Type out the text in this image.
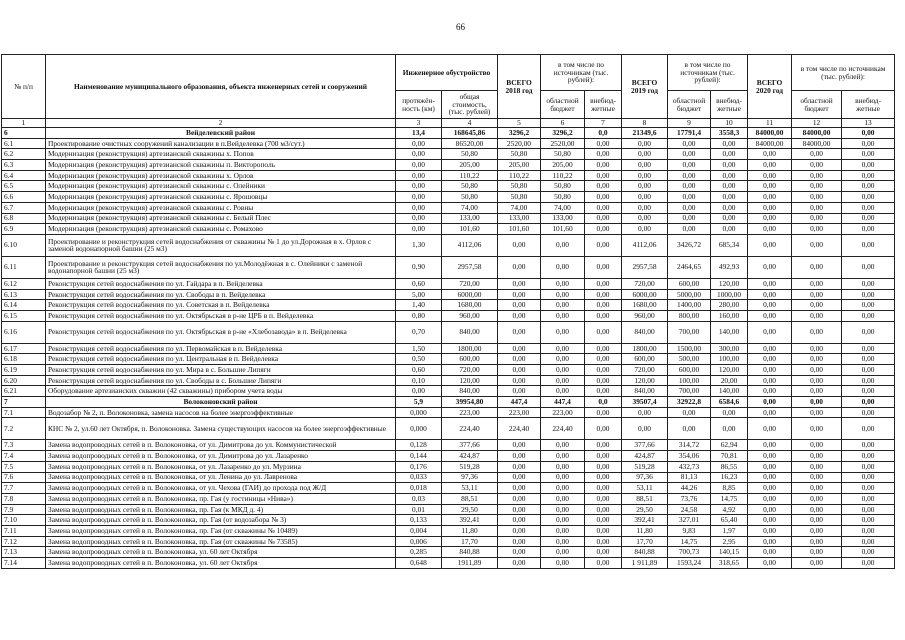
66
№ п/п	Наименование муниципального образования, объекта инженерных сетей и сооружений	Инженерное обустройство		ВСЕГО 2018 год	в том числе по источникам (тыс. рублей):		ВСЕГО 2019 год	в том числе по источникам (тыс. рублей):		ВСЕГО 2020 год	в том числе по источникам (тыс. рублей):	
		протяжён-ность (км)	общая стоимость, (тыс. рублей)		областной бюджет	внебюд-жетные		областной бюджет	внебюд-жетные		областной бюджет	внебюд-жетные
1	2	3	4	5	6	7	8	9	10	11	12	13
6	Вейделевский район	13,4	168645,86	3296,2	3296,2	0,0	21349,6	17791,4	3558,3	84000,00	84000,00	0,00
6.1	Проектирование очистных сооружений канализации в п.Вейделевка (700 м3/сут.)	0,00	86520,00	2520,00	2520,00	0,00	0,00	0,00	0,00	84000,00	84000,00	0,00
6.2	Модернизация (реконструкция) артезианской скважины х. Попов	0,00	50,80	50,80	50,80	0,00	0,00	0,00	0,00	0,00	0,00	0,00
6.3	Модернизация (реконструкция) артезианской скважины п. Викторополь	0,00	205,00	205,00	205,00	0,00	0,00	0,00	0,00	0,00	0,00	0,00
6.4	Модернизация (реконструкция) артезианской скважины х. Орлов	0,00	110,22	110,22	110,22	0,00	0,00	0,00	0,00	0,00	0,00	0,00
6.5	Модернизация (реконструкция) артезианской скважины с. Олейники	0,00	50,80	50,80	50,80	0,00	0,00	0,00	0,00	0,00	0,00	0,00
6.6	Модернизация (реконструкция) артезианской скважины с. Ярошовцы	0,00	50,80	50,80	50,80	0,00	0,00	0,00	0,00	0,00	0,00	0,00
6.7	Модернизация (реконструкция) артезианской скважины с. Ровны	0,00	74,00	74,00	74,00	0,00	0,00	0,00	0,00	0,00	0,00	0,00
6.8	Модернизация (реконструкция) артезианской скважины с. Белый Плес	0,00	133,00	133,00	133,00	0,00	0,00	0,00	0,00	0,00	0,00	0,00
6.9	Модернизация (реконструкция) артезианской скважины с. Ромахово	0,00	101,60	101,60	101,60	0,00	0,00	0,00	0,00	0,00	0,00	0,00
6.10	Проектирование и реконструкция сетей водоснабжения от скважины № 1 до ул.Дорожная в х. Орлов с заменой водонапорной башни (25 м3)	1,30	4112,06	0,00	0,00	0,00	4112,06	3426,72	685,34	0,00	0,00	0,00
6.11	Проектирование и реконструкция сетей водоснабжения по ул.Молодёжная в с. Олейники с заменой водонапорной башни (25 м3)	0,90	2957,58	0,00	0,00	0,00	2957,58	2464,65	492,93	0,00	0,00	0,00
6.12	Реконструкция сетей водоснабжения по ул. Гайдара в п. Вейделевка	0,60	720,00	0,00	0,00	0,00	720,00	600,00	120,00	0,00	0,00	0,00
6.13	Реконструкция сетей водоснабжения по ул. Свободы в п. Вейделевка	5,00	6000,00	0,00	0,00	0,00	6000,00	5000,00	1000,00	0,00	0,00	0,00
6.14	Реконструкция сетей водоснабжения по ул. Советская в п. Вейделевка	1,40	1680,00	0,00	0,00	0,00	1680,00	1400,00	280,00	0,00	0,00	0,00
6.15	Реконструкция сетей водоснабжения по ул. Октябрьская в р-не ЦРБ в п. Вейделевка	0,80	960,00	0,00	0,00	0,00	960,00	800,00	160,00	0,00	0,00	0,00
6.16	Реконструкция сетей водоснабжения по ул. Октябрьская в р-не «Хлебозавода» в п. Вейделевка	0,70	840,00	0,00	0,00	0,00	840,00	700,00	140,00	0,00	0,00	0,00
6.17	Реконструкция сетей водоснабжения по ул. Первомайская в п. Вейделевка	1,50	1800,00	0,00	0,00	0,00	1800,00	1500,00	300,00	0,00	0,00	0,00
6.18	Реконструкция сетей водоснабжения по ул. Центральная в п. Вейделевка	0,50	600,00	0,00	0,00	0,00	600,00	500,00	100,00	0,00	0,00	0,00
6.19	Реконструкция сетей водоснабжения по ул. Мира в с. Большие Липяги	0,60	720,00	0,00	0,00	0,00	720,00	600,00	120,00	0,00	0,00	0,00
6.20	Реконструкция сетей водоснабжения по ул. Свободы в с. Большие Липяги	0,10	120,00	0,00	0,00	0,00	120,00	100,00	20,00	0,00	0,00	0,00
6.21	Оборудование артезианских скважин (42 скважины) прибором учета воды	0,00	840,00	0,00	0,00	0,00	840,00	700,00	140,00	0,00	0,00	0,00
7	Волоконовский район	5,9	39954,80	447,4	447,4	0,0	39507,4	32922,8	6584,6	0,00	0,00	0,00
7.1	Водозабор № 2, п. Волоконовка, замена насосов на более энергоэффективные	0,000	223,00	223,00	223,00	0,00	0,00	0,00	0,00	0,00	0,00	0,00
7.2	КНС № 2, ул.60 лет Октября, п. Волоконовка. Замена существующих насосов на более энергоэффективные	0,000	224,40	224,40	224,40	0,00	0,00	0,00	0,00	0,00	0,00	0,00
7.3	Замена водопроводных сетей в п. Волоконовка, от ул. Димитрова до ул. Коммунистической	0,128	377,66	0,00	0,00	0,00	377,66	314,72	62,94	0,00	0,00	0,00
7.4	Замена водопроводных сетей в п. Волоконовка, от ул. Димитрова до ул. Лазаренко	0,144	424,87	0,00	0,00	0,00	424,87	354,06	70,81	0,00	0,00	0,00
7.5	Замена водопроводных сетей в п. Волоконовка, от ул. Лазаренко до ул. Мурзина	0,176	519,28	0,00	0,00	0,00	519,28	432,73	86,55	0,00	0,00	0,00
7.6	Замена водопроводных сетей в п. Волоконовка, от ул. Ленина до ул. Лавренова	0,033	97,36	0,00	0,00	0,00	97,36	81,13	16,23	0,00	0,00	0,00
7.7	Замена водопроводных сетей в п. Волоконовка, от ул. Чехова (ГАИ) до прохода под Ж/Д	0,018	53,11	0,00	0,00	0,00	53,11	44,26	8,85	0,00	0,00	0,00
7.8	Замена водопроводных сетей в п. Волоконовка, пр. Гая (у гостиницы «Нива»)	0,03	88,51	0,00	0,00	0,00	88,51	73,76	14,75	0,00	0,00	0,00
7.9	Замена водопроводных сетей в п. Волоконовка, пр. Гая (к МКД д. 4)	0,01	29,50	0,00	0,00	0,00	29,50	24,58	4,92	0,00	0,00	0,00
7.10	Замена водопроводных сетей в п. Волоконовка, пр. Гая (от водозабора № 3)	0,133	392,41	0,00	0,00	0,00	392,41	327,01	65,40	0,00	0,00	0,00
7.11	Замена водопроводных сетей в п. Волоконовка, пр. Гая (от скважины № 10489)	0,004	11,80	0,00	0,00	0,00	11,80	9,83	1,97	0,00	0,00	0,00
7.12	Замена водопроводных сетей в п. Волоконовка, пр. Гая (от скважины № 73585)	0,006	17,70	0,00	0,00	0,00	17,70	14,75	2,95	0,00	0,00	0,00
7.13	Замена водопроводных сетей в п. Волоконовка, ул. 60 лет Октября	0,285	840,88	0,00	0,00	0,00	840,88	700,73	140,15	0,00	0,00	0,00
7.14	Замена водопроводных сетей в п. Волоконовка, ул. 60 лет Октября	0,648	1911,89	0,00	0,00	0,00	1 911,89	1593,24	318,65	0,00	0,00	0,00
